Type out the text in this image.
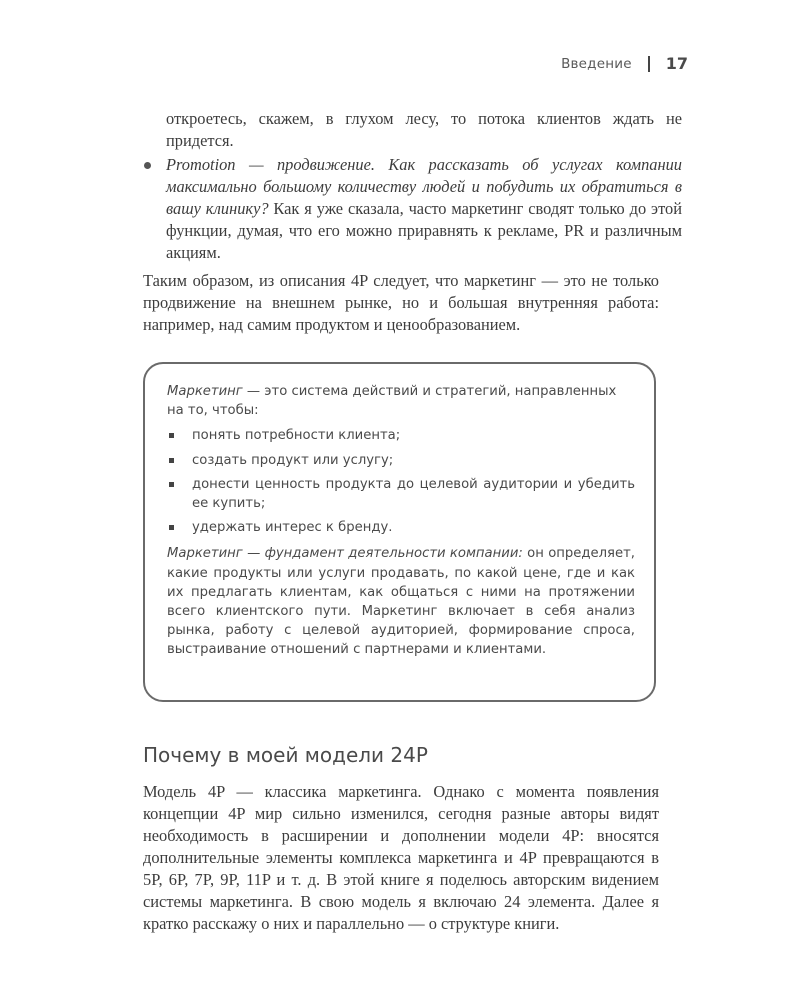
Введение 17
откроетесь, скажем, в глухом лесу, то потока клиентов ждать не придется.
Promotion — продвижение. Как рассказать об услугах компании максимально большому количеству людей и побудить их обратиться в вашу клинику? Как я уже сказала, часто маркетинг сводят только до этой функции, думая, что его можно приравнять к рекламе, PR и различным акциям.
Таким образом, из описания 4P следует, что маркетинг — это не только продвижение на внешнем рынке, но и большая внутренняя работа: например, над самим продуктом и ценообразованием.

Маркетинг — это система действий и стратегий, направленных на то, чтобы:

понять потребности клиента;
создать продукт или услугу;
донести ценность продукта до целевой аудитории и убедить ее купить;
удержать интерес к бренду.

Маркетинг — фундамент деятельности компании: он определяет, какие продукты или услуги продавать, по какой цене, где и как их предлагать клиентам, как общаться с ними на протяжении всего клиентского пути. Маркетинг включает в себя анализ рынка, работу с целевой аудиторией, формирование спроса, выстраивание отношений с партнерами и клиентами.

Почему в моей модели 24P
Модель 4P — классика маркетинга. Однако с момента появления концепции 4P мир сильно изменился, сегодня разные авторы видят необходимость в расширении и дополнении модели 4P: вносятся дополнительные элементы комплекса маркетинга и 4P превращаются в 5P, 6P, 7P, 9P, 11P и т. д. В этой книге я поделюсь авторским видением системы маркетинга. В свою модель я включаю 24 элемента. Далее я кратко расскажу о них и параллельно — о структуре книги.
